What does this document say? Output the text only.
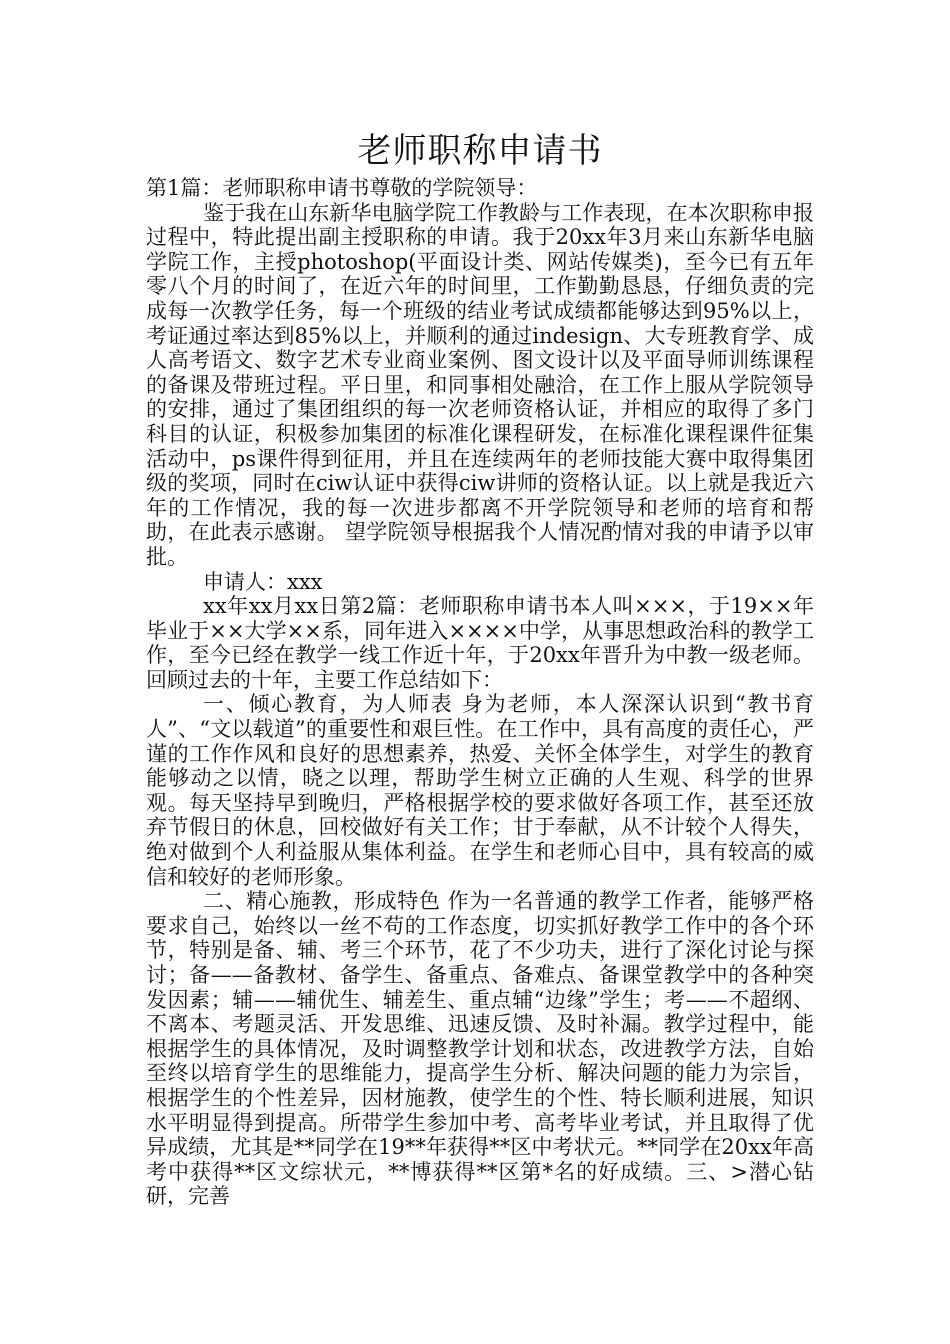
老师职称申请书

第1篇：老师职称申请书尊敬的学院领导：

鉴于我在山东新华电脑学院工作教龄与工作表现，在本次职称申报过程中，特此提出副主授职称的申请。我于20xx年3月来山东新华电脑学院工作，主授photoshop(平面设计类、网站传媒类)，至今已有五年零八个月的时间了，在近六年的时间里，工作勤勤恳恳，仔细负责的完成每一次教学任务，每一个班级的结业考试成绩都能够达到95%以上，考证通过率达到85%以上，并顺利的通过indesign、大专班教育学、成人高考语文、数字艺术专业商业案例、图文设计以及平面导师训练课程的备课及带班过程。平日里，和同事相处融洽，在工作上服从学院领导的安排，通过了集团组织的每一次老师资格认证，并相应的取得了多门科目的认证，积极参加集团的标准化课程研发，在标准化课程课件征集活动中，ps课件得到征用，并且在连续两年的老师技能大赛中取得集团级的奖项，同时在ciw认证中获得ciw讲师的资格认证。以上就是我近六年的工作情况，我的每一次进步都离不开学院领导和老师的培育和帮助，在此表示感谢。 望学院领导根据我个人情况酌情对我的申请予以审批。

申请人：xxx

xx年xx月xx日第2篇：老师职称申请书本人叫×××，于19××年毕业于××大学××系，同年进入××××中学，从事思想政治科的教学工作，至今已经在教学一线工作近十年，于20xx年晋升为中教一级老师。回顾过去的十年，主要工作总结如下：

一、倾心教育，为人师表 身为老师，本人深深认识到“教书育人”、“文以载道”的重要性和艰巨性。在工作中，具有高度的责任心，严谨的工作作风和良好的思想素养，热爱、关怀全体学生，对学生的教育能够动之以情，晓之以理，帮助学生树立正确的人生观、科学的世界观。每天坚持早到晚归，严格根据学校的要求做好各项工作，甚至还放弃节假日的休息，回校做好有关工作；甘于奉献，从不计较个人得失，绝对做到个人利益服从集体利益。在学生和老师心目中，具有较高的威信和较好的老师形象。

二、精心施教，形成特色 作为一名普通的教学工作者，能够严格要求自己，始终以一丝不苟的工作态度，切实抓好教学工作中的各个环节，特别是备、辅、考三个环节，花了不少功夫，进行了深化讨论与探讨；备——备教材、备学生、备重点、备难点、备课堂教学中的各种突发因素；辅——辅优生、辅差生、重点辅“边缘”学生；考——不超纲、不离本、考题灵活、开发思维、迅速反馈、及时补漏。教学过程中，能根据学生的具体情况，及时调整教学计划和状态，改进教学方法，自始至终以培育学生的思维能力，提高学生分析、解决问题的能力为宗旨，根据学生的个性差异，因材施教，使学生的个性、特长顺利进展，知识水平明显得到提高。所带学生参加中考、高考毕业考试，并且取得了优异成绩，尤其是**同学在19**年获得**区中考状元。**同学在20xx年高考中获得**区文综状元，**博获得**区第*名的好成绩。三、>潜心钻研，完善
